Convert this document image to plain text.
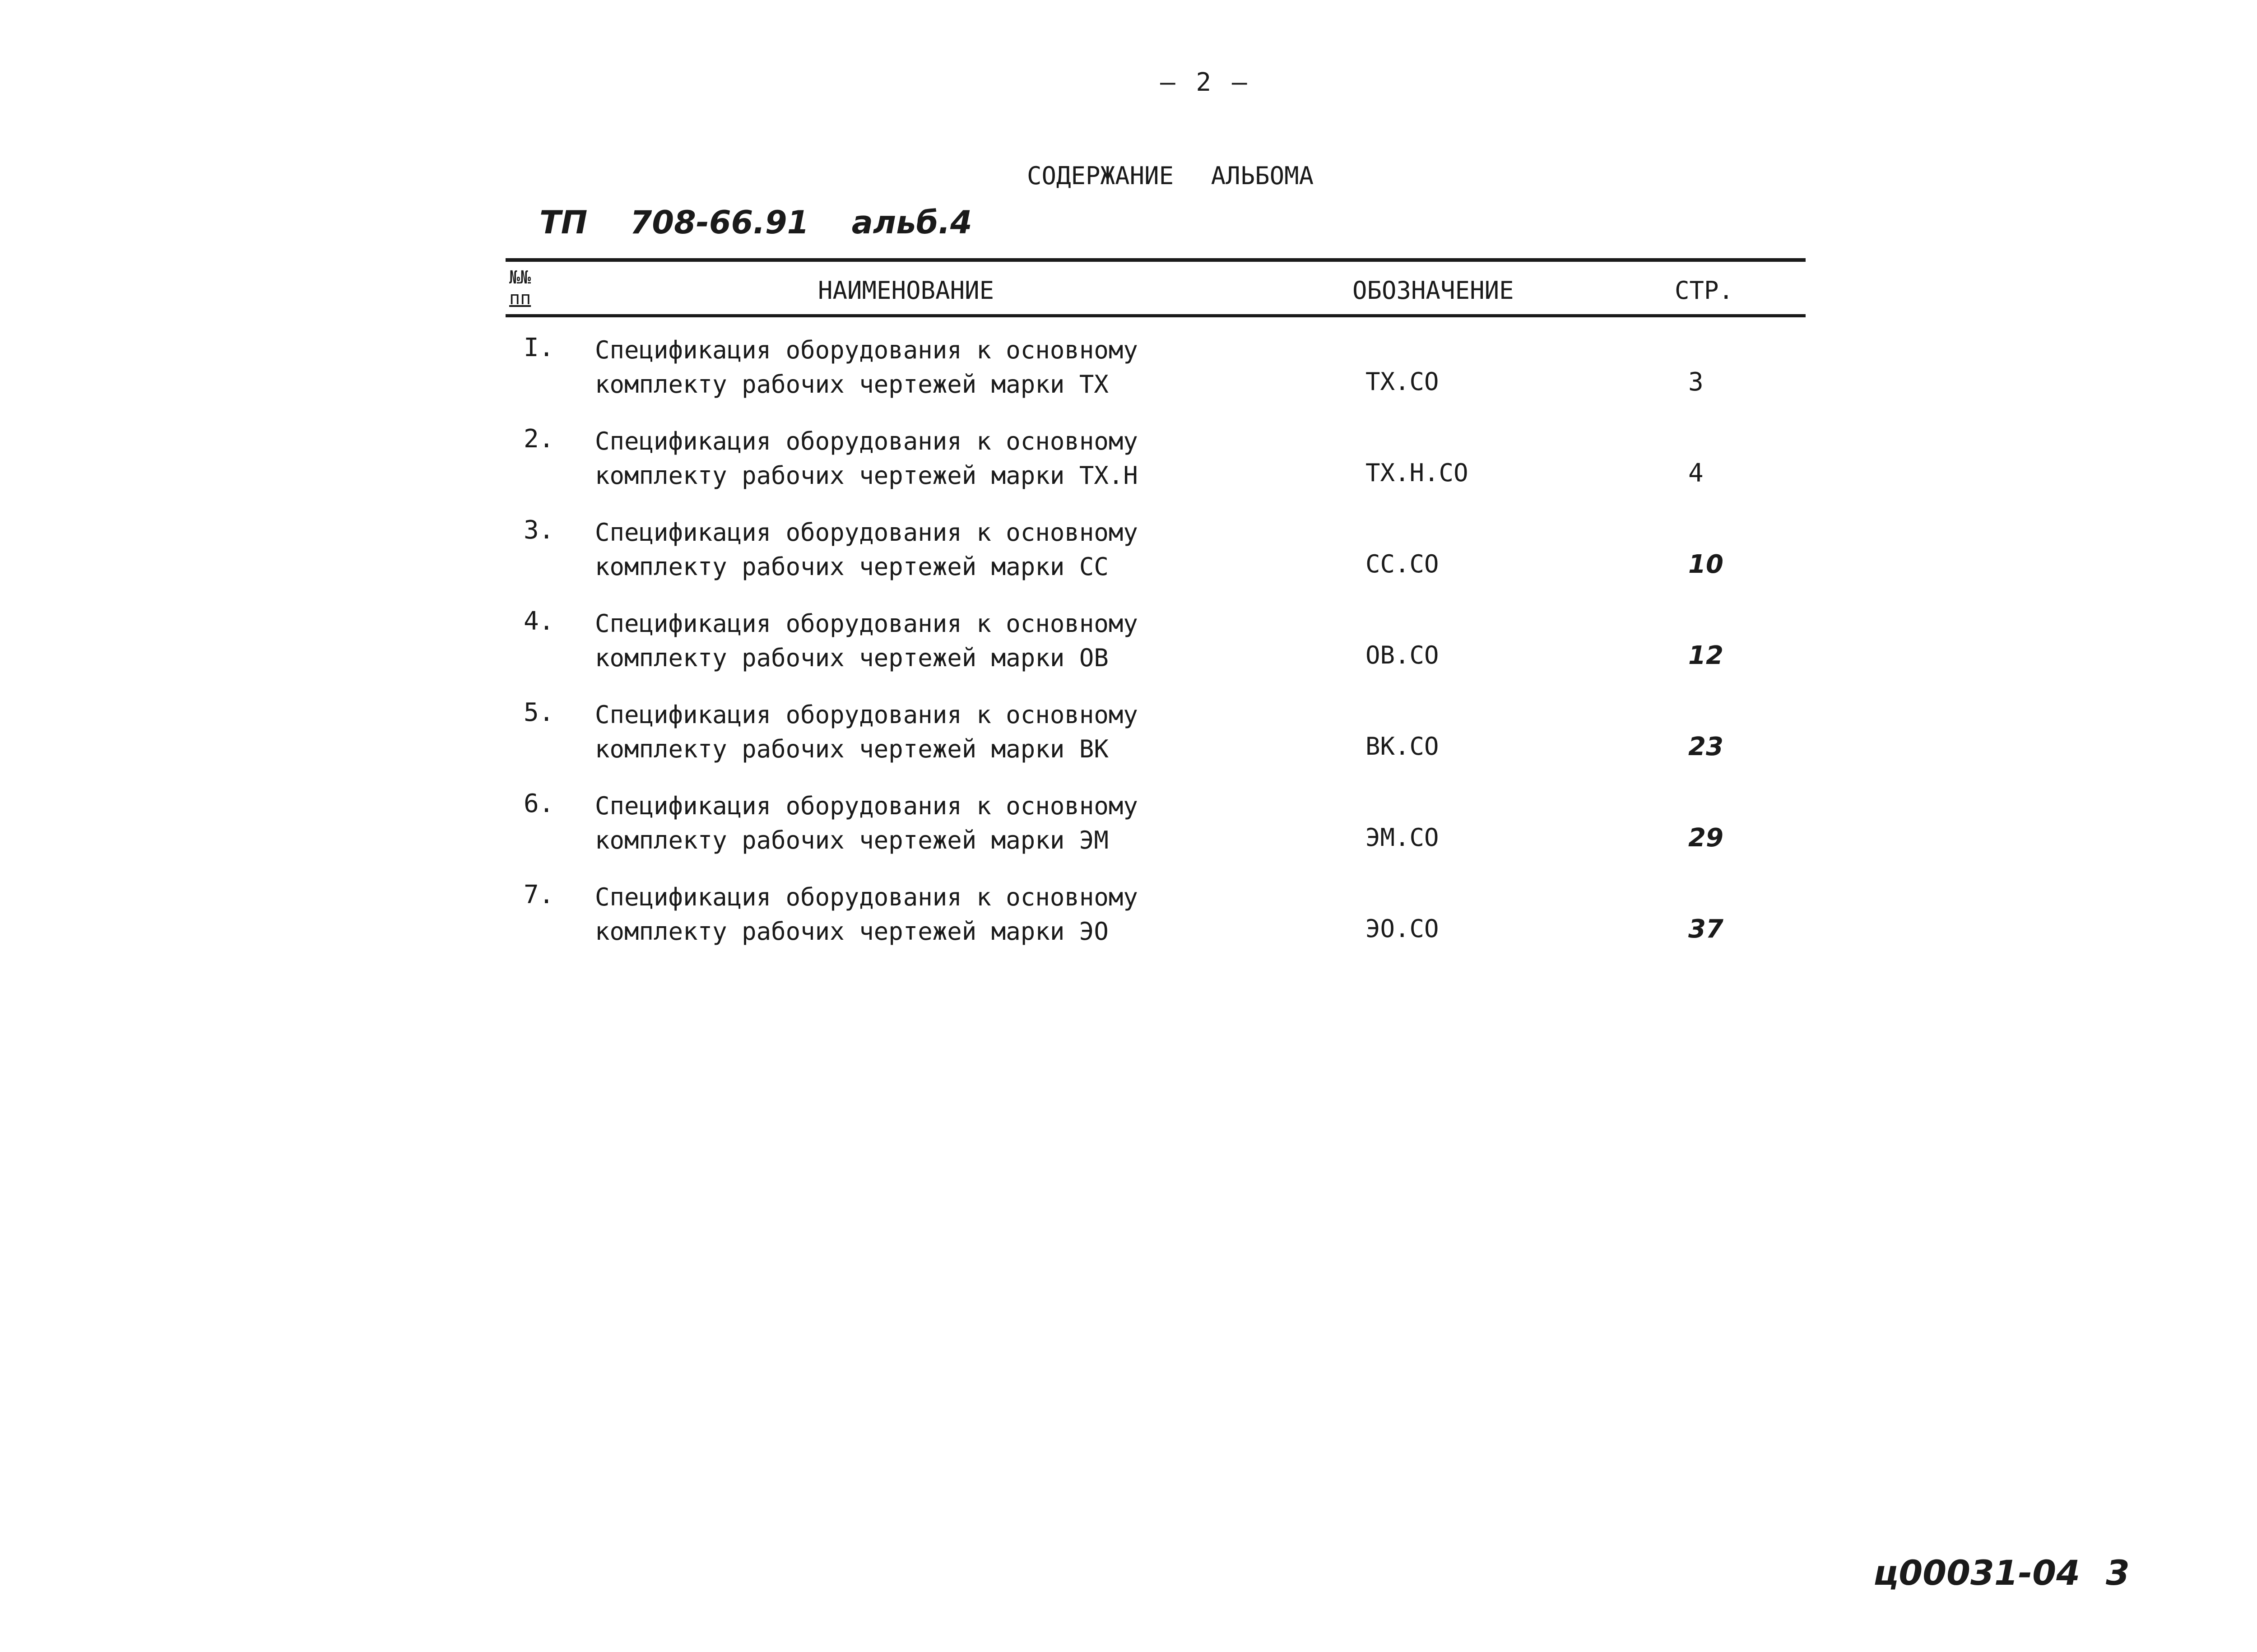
– 2 –
СОДЕРЖАНИЕ АЛЬБОМА
ТП 708-66.91 альб.4
№№
пп	НАИМЕНОВАНИЕ	ОБОЗНАЧЕНИЕ	СТР.
I. Спецификация оборудования к основному
комплекту рабочих чертежей марки ТХ	ТХ.СО	3
2. Спецификация оборудования к основному
комплекту рабочих чертежей марки ТХ.Н	ТХ.Н.СО	4
3. Спецификация оборудования к основному
комплекту рабочих чертежей марки СС	СС.СО	10
4. Спецификация оборудования к основному
комплекту рабочих чертежей марки ОВ	ОВ.СО	12
5. Спецификация оборудования к основному
комплекту рабочих чертежей марки ВК	ВК.СО	23
6. Спецификация оборудования к основному
комплекту рабочих чертежей марки ЭМ	ЭМ.СО	29
7. Спецификация оборудования к основному
комплекту рабочих чертежей марки ЭО	ЭО.СО	37
ц00031-04 3
